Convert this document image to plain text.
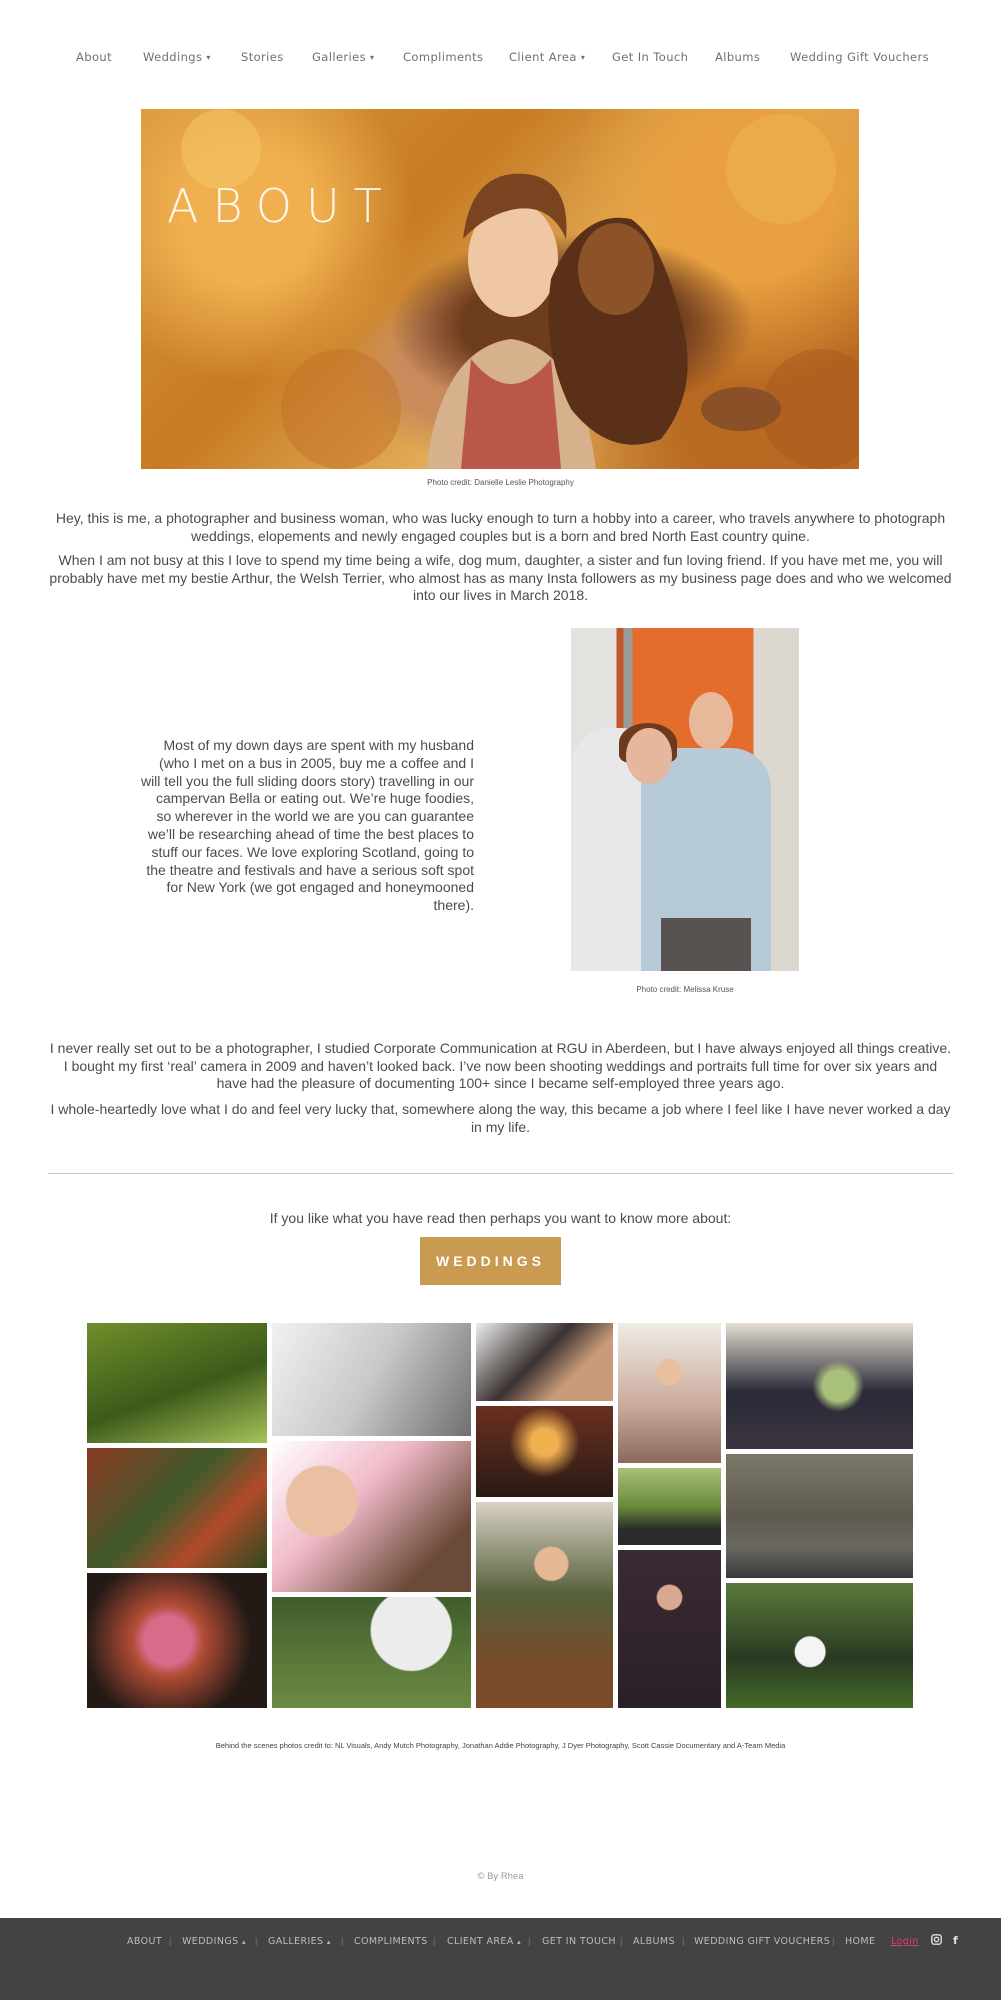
About	Weddings ▾	Stories Galleries ▾ Compliments Client Area ▾ Get In Touch Albums	Wedding Gift Vouchers
ABOUT
Photo credit: Danielle Leslie Photography
Hey, this is me, a photographer and business woman, who was lucky enough to turn a hobby into a career, who travels anywhere to photograph weddings, elopements and newly engaged couples but is a born and bred North East country quine.
When I am not busy at this I love to spend my time being a wife, dog mum, daughter, a sister and fun loving friend. If you have met me, you will probably have met my bestie Arthur, the Welsh Terrier, who almost has as many Insta followers as my business page does and who we welcomed into our lives in March 2018.
Most of my down days are spent with my husband (who I met on a bus in 2005, buy me a coffee and I will tell you the full sliding doors story) travelling in our campervan Bella or eating out. We’re huge foodies, so wherever in the world we are you can guarantee we’ll be researching ahead of time the best places to stuff our faces. We love exploring Scotland, going to the theatre and festivals and have a serious soft spot for New York (we got engaged and honeymooned there).
Photo credit: Melissa Kruse
I never really set out to be a photographer, I studied Corporate Communication at RGU in Aberdeen, but I have always enjoyed all things creative. I bought my first ‘real’ camera in 2009 and haven’t looked back. I’ve now been shooting weddings and portraits full time for over six years and have had the pleasure of documenting 100+ since I became self-employed three years ago.
I whole-heartedly love what I do and feel very lucky that, somewhere along the way, this became a job where I feel like I have never worked a day in my life.
If you like what you have read then perhaps you want to know more about:
WEDDINGS
Behind the scenes photos credit to: NL Visuals, Andy Mutch Photography, Jonathan Addie Photography, J Dyer Photography, Scott Cassie Documentary and A-Team Media
© By Rhea
ABOUT | WEDDINGS ▴ | GALLERIES ▴ | COMPLIMENTS | CLIENT AREA ▴ | GET IN TOUCH | ALBUMS | WEDDING GIFT VOUCHERS | HOME Login	f
